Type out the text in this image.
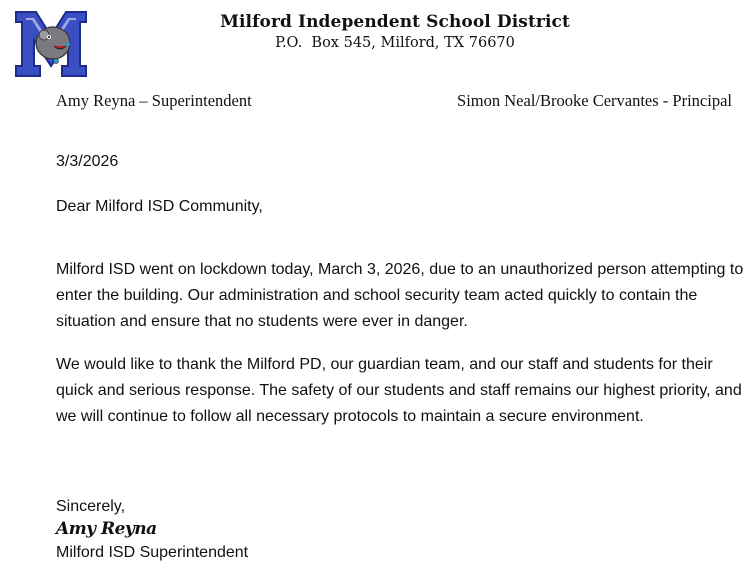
Milford Independent School District
P.O.  Box 545, Milford, TX 76670
Amy Reyna – Superintendent	Simon Neal/Brooke Cervantes - Principal
3/3/2026
Dear Milford ISD Community,
Milford ISD went on lockdown today, March 3, 2026, due to an unauthorized person attempting to enter the building. Our administration and school security team acted quickly to contain the situation and ensure that no students were ever in danger.
We would like to thank the Milford PD, our guardian team, and our staff and students for their quick and serious response. The safety of our students and staff remains our highest priority, and we will continue to follow all necessary protocols to maintain a secure environment.
Sincerely,
Amy Reyna
Milford ISD Superintendent
